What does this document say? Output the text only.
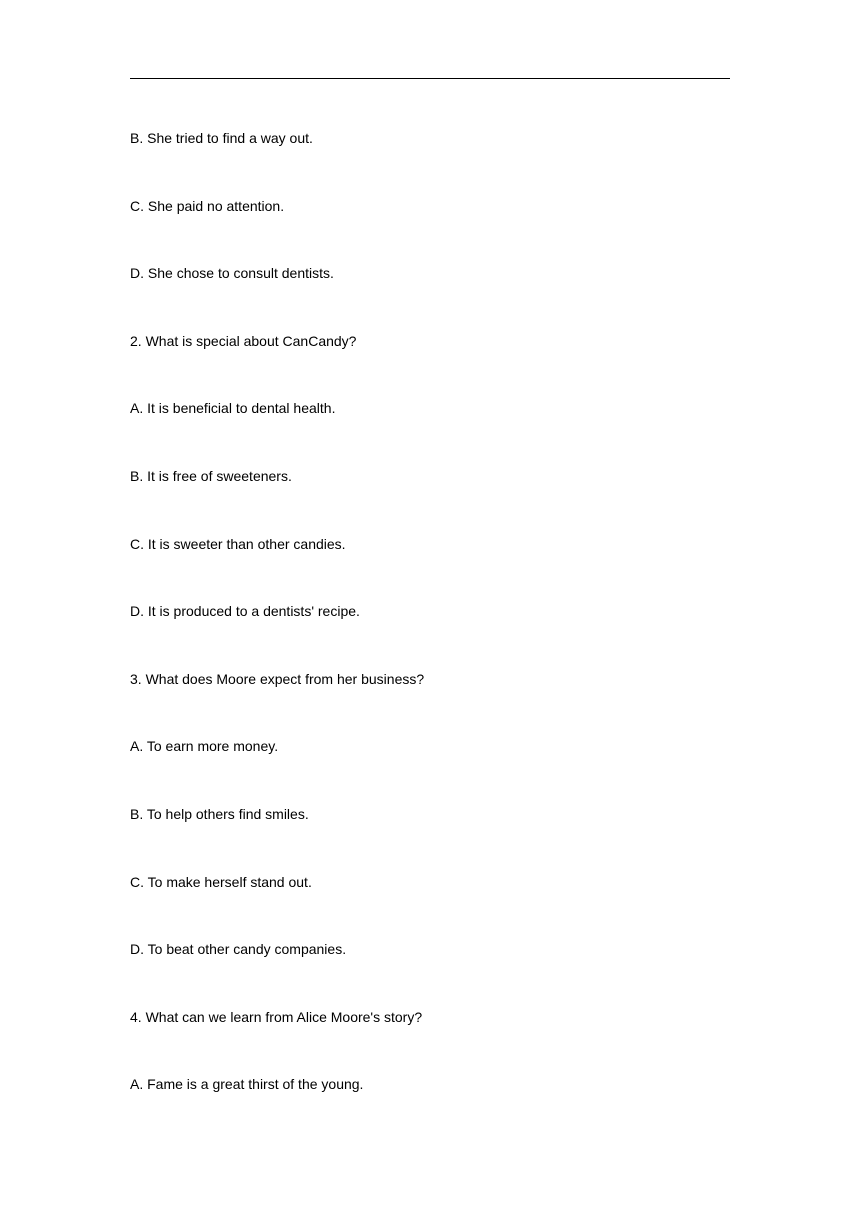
B. She tried to find a way out.
C. She paid no attention.
D. She chose to consult dentists.
2. What is special about CanCandy?
A. It is beneficial to dental health.
B. It is free of sweeteners.
C. It is sweeter than other candies.
D. It is produced to a dentists' recipe.
3. What does Moore expect from her business?
A. To earn more money.
B. To help others find smiles.
C. To make herself stand out.
D. To beat other candy companies.
4. What can we learn from Alice Moore's story?
A. Fame is a great thirst of the young.
